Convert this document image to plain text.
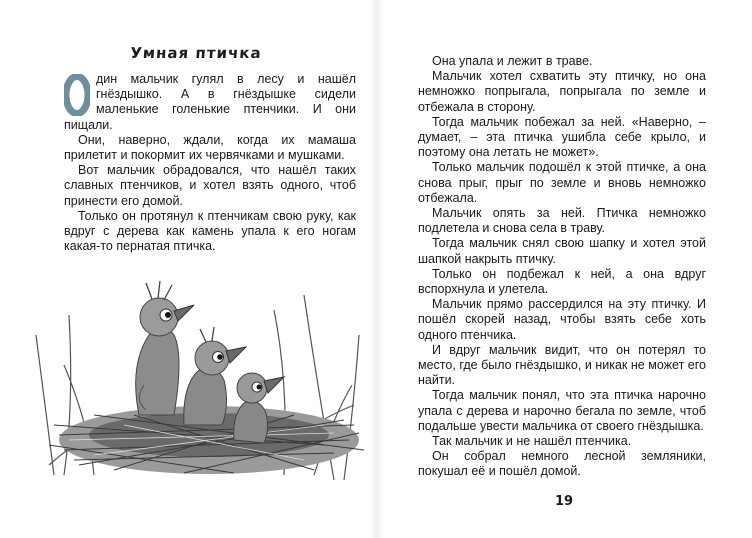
Умная птичка

дин мальчик гулял в лесу и нашёл гнёздышко. А в гнёздышке сидели маленькие голенькие птенчики. И они пищали.

Они, наверно, ждали, когда их мамаша прилетит и покормит их червячками и мушками.

Вот мальчик обрадовался, что нашёл таких славных птенчиков, и хотел взять одного, чтоб принести его домой.

Только он протянул к птенчикам свою руку, как вдруг с дерева как камень упала к его ногам какая-то пернатая птичка.

Она упала и лежит в траве.

Мальчик хотел схватить эту птичку, но она немножко попрыгала, попрыгала по земле и отбежала в сторону.

Тогда мальчик побежал за ней. «Наверно, – думает, – эта птичка ушибла себе крыло, и поэтому она летать не может».

Только мальчик подошёл к этой птичке, а она снова прыг, прыг по земле и вновь немножко отбежала.

Мальчик опять за ней. Птичка немножко подлетела и снова села в траву.

Тогда мальчик снял свою шапку и хотел этой шапкой накрыть птичку.

Только он подбежал к ней, а она вдруг вспорхнула и улетела.

Мальчик прямо рассердился на эту птичку. И пошёл скорей назад, чтобы взять себе хоть одного птенчика.

И вдруг мальчик видит, что он потерял то место, где было гнёздышко, и никак не может его найти.

Тогда мальчик понял, что эта птичка нарочно упала с дерева и нарочно бегала по земле, чтоб подальше увести мальчика от своего гнёздышка.

Так мальчик и не нашёл птенчика.

Он собрал немного лесной земляники, покушал её и пошёл домой.

19
